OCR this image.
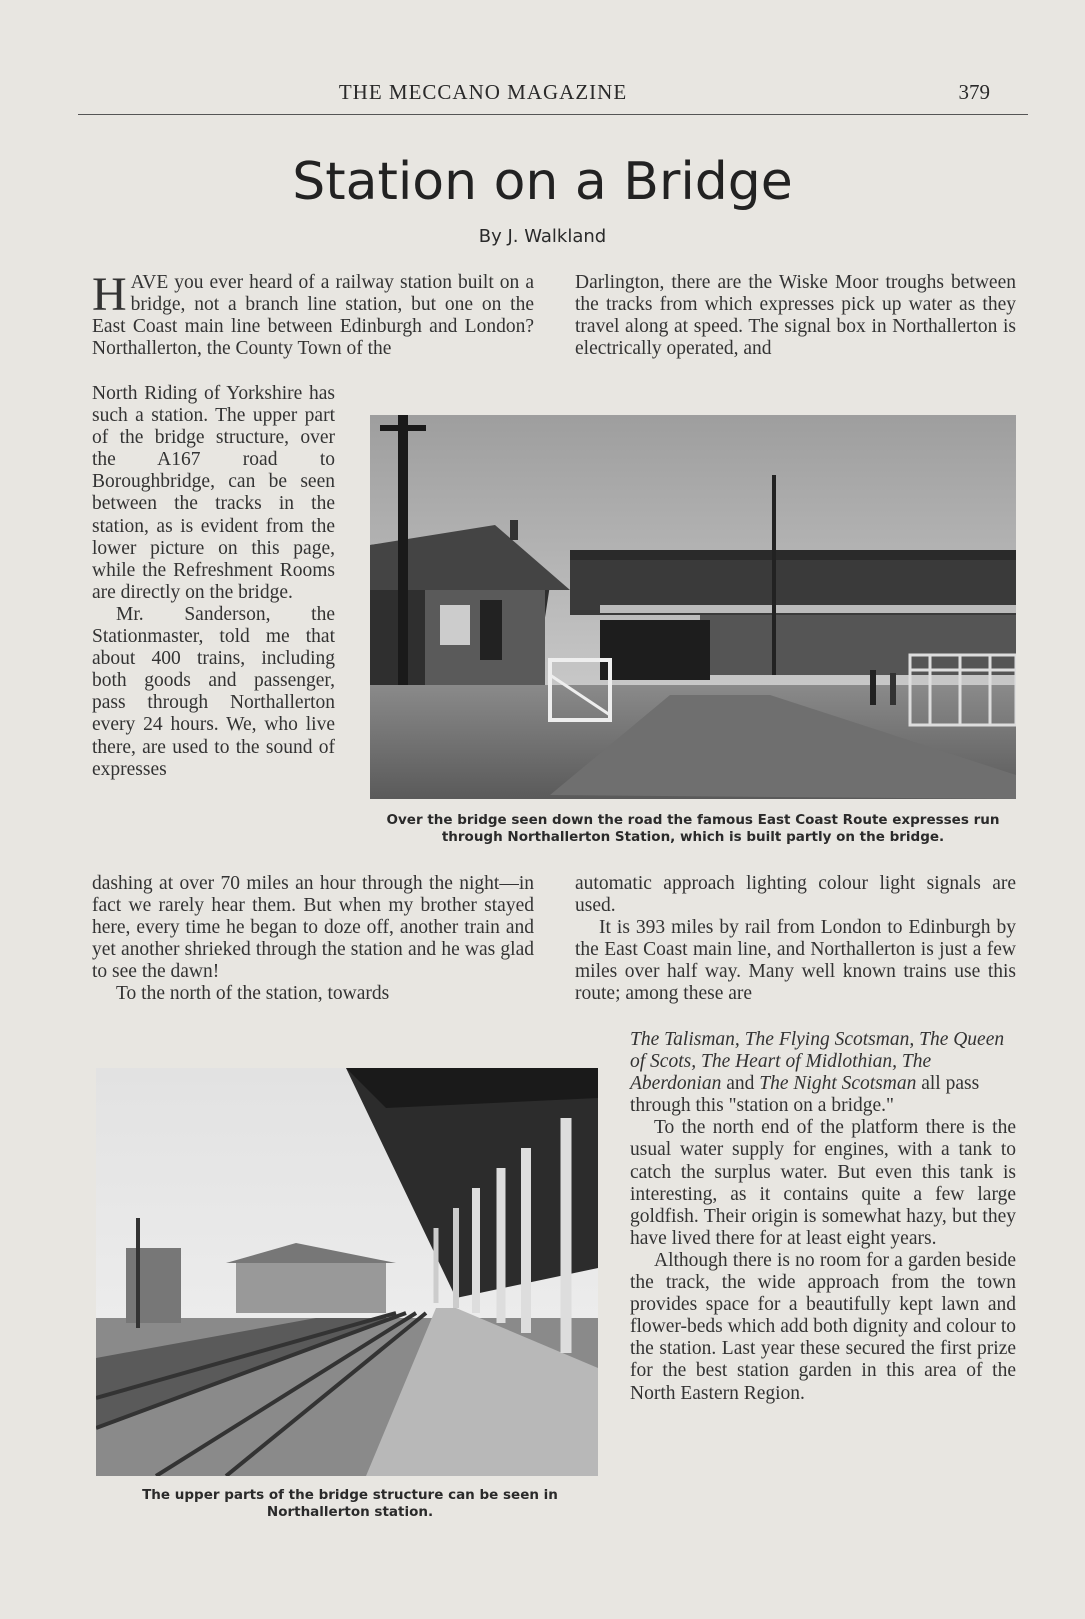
THE MECCANO MAGAZINE	379
Station on a Bridge
By J. Walkland

HAVE you ever heard of a railway station built on a bridge, not a branch line station, but one on the East Coast main line between Edinburgh and London? Northallerton, the County Town of the

North Riding of Yorkshire has such a station. The upper part of the bridge structure, over the A167 road to Boroughbridge, can be seen between the tracks in the station, as is evident from the lower picture on this page, while the Refreshment Rooms are directly on the bridge.

Mr. Sanderson, the Stationmaster, told me that about 400 trains, including both goods and passenger, pass through Northallerton every 24 hours. We, who live there, are used to the sound of expresses

dashing at over 70 miles an hour through the night—in fact we rarely hear them. But when my brother stayed here, every time he began to doze off, another train and yet another shrieked through the station and he was glad to see the dawn!

To the north of the station, towards

Darlington, there are the Wiske Moor troughs between the tracks from which expresses pick up water as they travel along at speed. The signal box in Northallerton is electrically operated, and

Over the bridge seen down the road the famous East Coast Route expresses run through Northallerton Station, which is built partly on the bridge.

automatic approach lighting colour light signals are used.

It is 393 miles by rail from London to Edinburgh by the East Coast main line, and Northallerton is just a few miles over half way. Many well known trains use this route; among these are

The Talisman, The Flying Scotsman, The Queen of Scots, The Heart of Midlothian, The Aberdonian and The Night Scotsman all pass through this "station on a bridge."

To the north end of the platform there is the usual water supply for engines, with a tank to catch the surplus water. But even this tank is interesting, as it contains quite a few large goldfish. Their origin is somewhat hazy, but they have lived there for at least eight years.

Although there is no room for a garden beside the track, the wide approach from the town provides space for a beautifully kept lawn and flower-beds which add both dignity and colour to the station. Last year these secured the first prize for the best station garden in this area of the North Eastern Region.

The upper parts of the bridge structure can be seen in Northallerton station.
